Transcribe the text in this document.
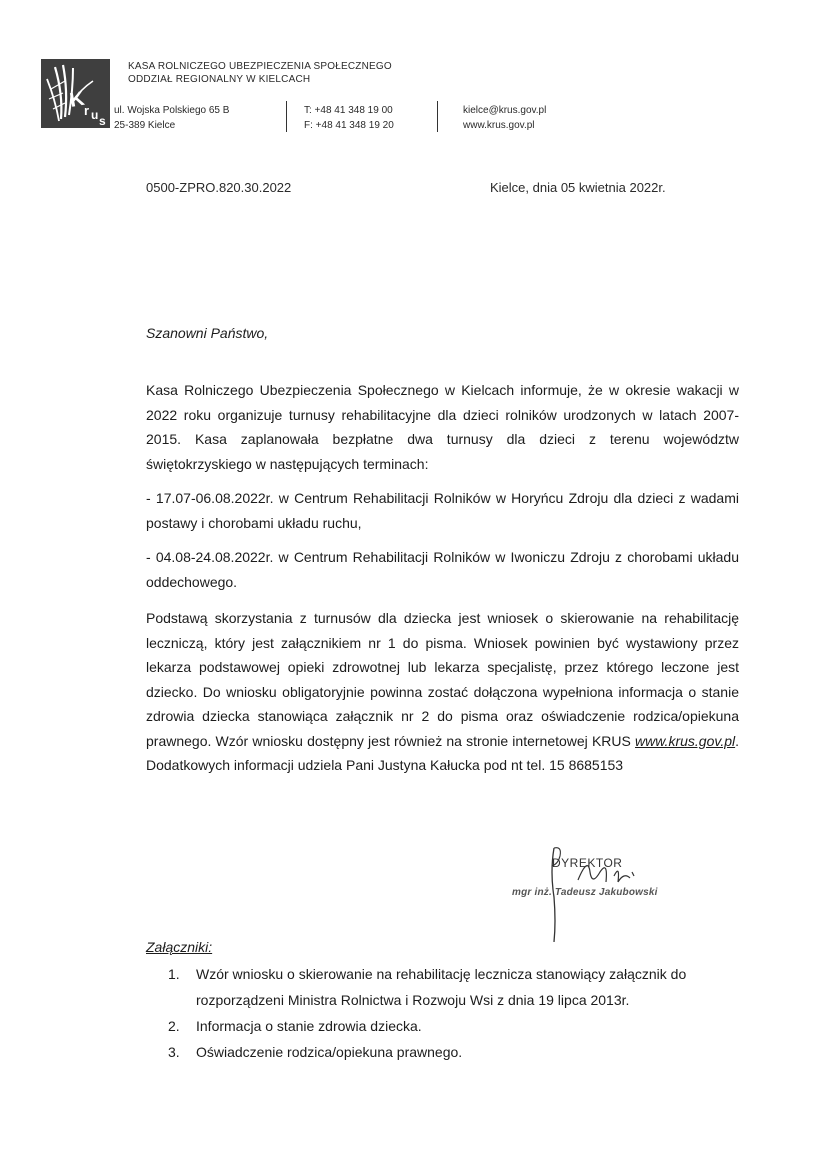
K
r u s
KASA ROLNICZEGO UBEZPIECZENIA SPOŁECZNEGO
ODDZIAŁ REGIONALNY W KIELCACH
ul. Wojska Polskiego 65 B
25-389 Kielce
T: +48 41 348 19 00
F: +48 41 348 19 20
kielce@krus.gov.pl
www.krus.gov.pl
0500-ZPRO.820.30.2022	Kielce, dnia 05 kwietnia 2022r.
Szanowni Państwo,

Kasa Rolniczego Ubezpieczenia Społecznego w Kielcach informuje, że w okresie wakacji w 2022 roku organizuje turnusy rehabilitacyjne dla dzieci rolników urodzonych w latach 2007-2015. Kasa zaplanowała bezpłatne dwa turnusy dla dzieci z terenu województw świętokrzyskiego w następujących terminach:

- 17.07-06.08.2022r. w Centrum Rehabilitacji Rolników w Horyńcu Zdroju dla dzieci z wadami postawy i chorobami układu ruchu,

- 04.08-24.08.2022r. w Centrum Rehabilitacji Rolników w Iwoniczu Zdroju z chorobami układu oddechowego.

Podstawą skorzystania z turnusów dla dziecka jest wniosek o skierowanie na rehabilitację leczniczą, który jest załącznikiem nr 1 do pisma. Wniosek powinien być wystawiony przez lekarza podstawowej opieki zdrowotnej lub lekarza specjalistę, przez którego leczone jest dziecko. Do wniosku obligatoryjnie powinna zostać dołączona wypełniona informacja o stanie zdrowia dziecka stanowiąca załącznik nr 2 do pisma oraz oświadczenie rodzica/opiekuna prawnego. Wzór wniosku dostępny jest również na stronie internetowej KRUS www.krus.gov.pl. Dodatkowych informacji udziela Pani Justyna Kałucka pod nt tel. 15 8685153

DYREKTOR
mgr inż. Tadeusz Jakubowski
Załączniki:
1.	Wzór wniosku o skierowanie na rehabilitację lecznicza stanowiący załącznik do rozporządzeni Ministra Rolnictwa i Rozwoju Wsi z dnia 19 lipca 2013r.
2.	Informacja o stanie zdrowia dziecka.
3.	Oświadczenie rodzica/opiekuna prawnego.
